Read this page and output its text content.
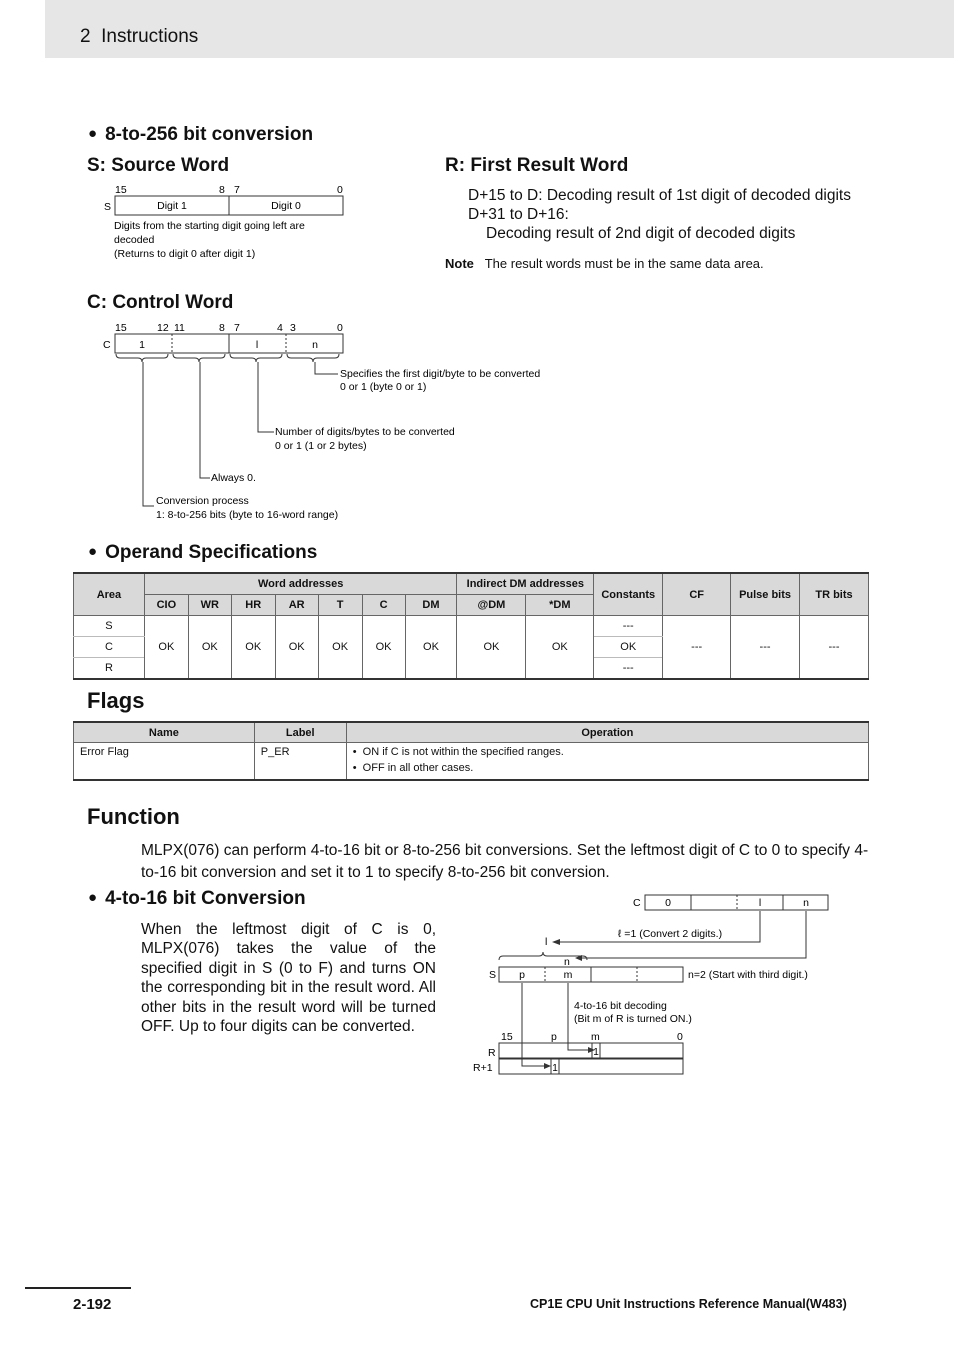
2 Instructions
● 8-to-256 bit conversion
S: Source Word
15	8 7	0
S	Digit 1	Digit 0
Digits from the starting digit going left are
decoded
(Returns to digit 0 after digit 1)
R: First Result Word
D+15 to D: Decoding result of 1st digit of decoded digits
D+31 to D+16:
Decoding result of 2nd digit of decoded digits
Note The result words must be in the same data area.
C: Control Word
15	12 11	8 7	4 3	0
C	1	l	n
Specifies the first digit/byte to be converted
0 or 1 (byte 0 or 1)
Number of digits/bytes to be converted
0 or 1 (1 or 2 bytes)
Always 0.
Conversion process
1: 8-to-256 bits (byte to 16-word range)
● Operand Specifications
Area	Word addresses							Indirect DM addresses		Constants	CF	Pulse bits	TR bits
	CIO	WR	HR	AR	T	C	DM	@DM	*DM				
S	OK	OK	OK	OK	OK	OK	OK	OK	OK	---	---	---	---
C										OK			
R										---			
Flags
Name	Label	Operation
Error Flag	P_ER	•  ON if C is not within the specified ranges.
•  OFF in all other cases.
Function
MLPX(076) can perform 4-to-16 bit or 8-to-256 bit conversions. Set the leftmost digit of C to 0 to specify 4-to-16 bit conversion and set it to 1 to specify 8-to-256 bit conversion.
● 4-to-16 bit Conversion
When the leftmost digit of C is 0, MLPX(076) takes the value of the specified digit in S (0 to F) and turns ON the corresponding bit in the result word. All other bits in the result word will be turned OFF. Up to four digits can be converted.
C 0	l	n
ℓ =1 (Convert 2 digits.)
l
n
S p	m	n=2 (Start with third digit.)
4-to-16 bit decoding
(Bit m of R is turned ON.)
15	p	m	0
R	1
R+1	1
2-192	CP1E CPU Unit Instructions Reference Manual(W483)
